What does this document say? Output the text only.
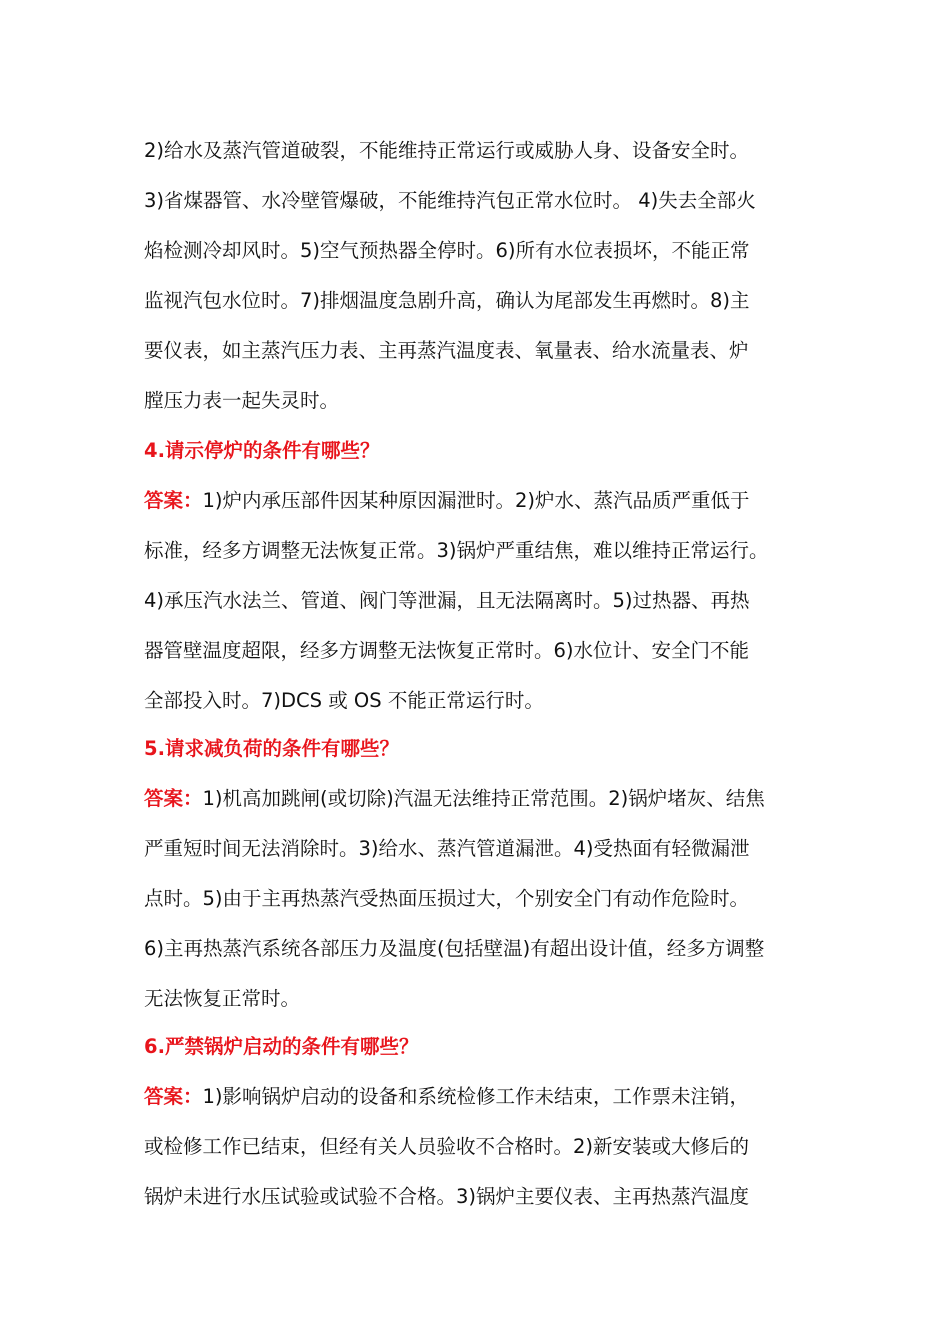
2)给水及蒸汽管道破裂，不能维持正常运行或威胁人身、设备安全时。
3)省煤器管、水冷壁管爆破，不能维持汽包正常水位时。 4)失去全部火
焰检测冷却风时。5)空气预热器全停时。6)所有水位表损坏，不能正常
监视汽包水位时。7)排烟温度急剧升高，确认为尾部发生再燃时。8)主
要仪表，如主蒸汽压力表、主再蒸汽温度表、氧量表、给水流量表、炉
膛压力表一起失灵时。
4.请示停炉的条件有哪些？
答案：1)炉内承压部件因某种原因漏泄时。2)炉水、蒸汽品质严重低于
标准，经多方调整无法恢复正常。3)锅炉严重结焦，难以维持正常运行。
4)承压汽水法兰、管道、阀门等泄漏，且无法隔离时。5)过热器、再热
器管壁温度超限，经多方调整无法恢复正常时。6)水位计、安全门不能
全部投入时。7)DCS 或 OS 不能正常运行时。
5.请求减负荷的条件有哪些？
答案：1)机高加跳闸(或切除)汽温无法维持正常范围。2)锅炉堵灰、结焦
严重短时间无法消除时。3)给水、蒸汽管道漏泄。4)受热面有轻微漏泄
点时。5)由于主再热蒸汽受热面压损过大，个别安全门有动作危险时。
6)主再热蒸汽系统各部压力及温度(包括壁温)有超出设计值，经多方调整
无法恢复正常时。
6.严禁锅炉启动的条件有哪些？
答案：1)影响锅炉启动的设备和系统检修工作未结束，工作票未注销，
或检修工作已结束，但经有关人员验收不合格时。2)新安装或大修后的
锅炉未进行水压试验或试验不合格。3)锅炉主要仪表、主再热蒸汽温度
